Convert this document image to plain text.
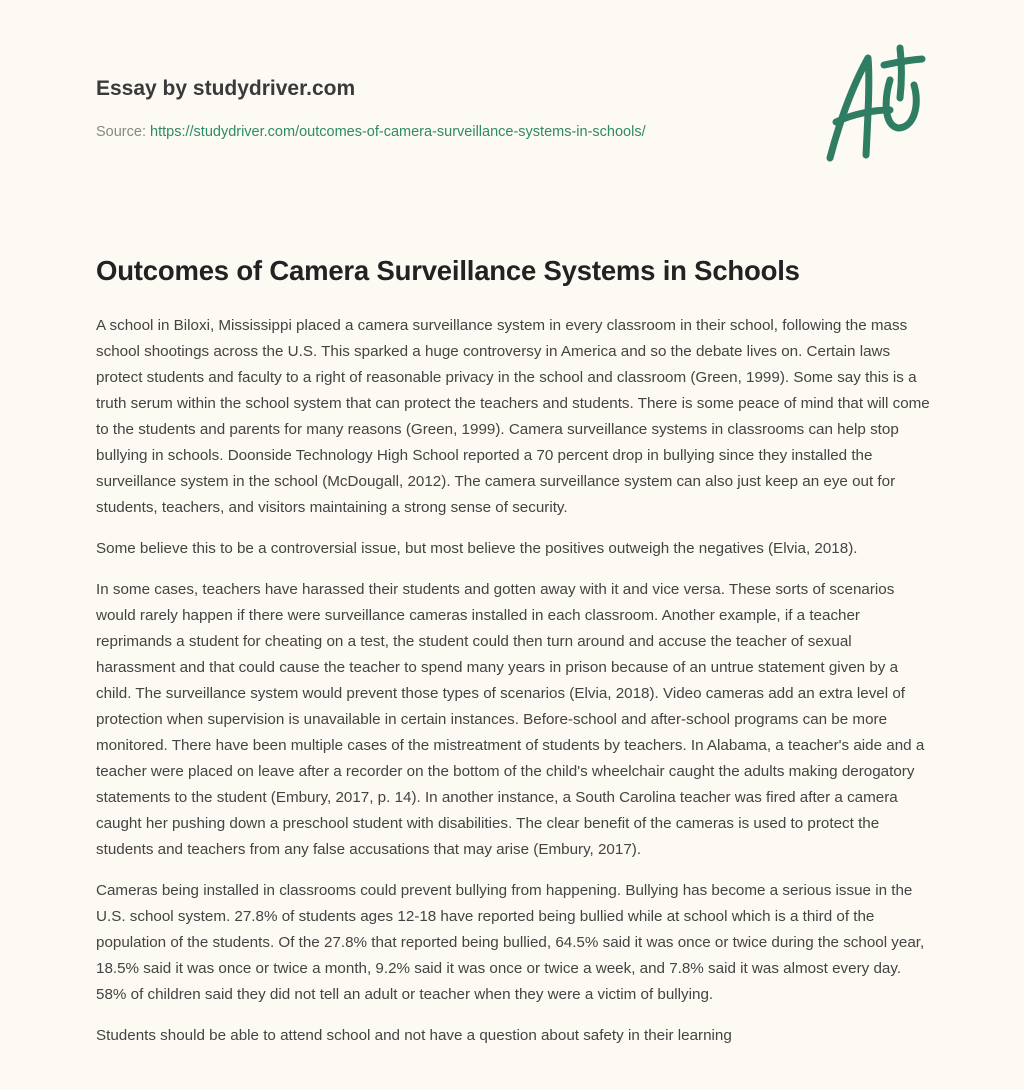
Essay by studydriver.com
Source: https://studydriver.com/outcomes-of-camera-surveillance-systems-in-schools/
Outcomes of Camera Surveillance Systems in Schools

A school in Biloxi, Mississippi placed a camera surveillance system in every classroom in their school, following the mass school shootings across the U.S. This sparked a huge controversy in America and so the debate lives on. Certain laws protect students and faculty to a right of reasonable privacy in the school and classroom (Green, 1999). Some say this is a truth serum within the school system that can protect the teachers and students. There is some peace of mind that will come to the students and parents for many reasons (Green, 1999). Camera surveillance systems in classrooms can help stop bullying in schools. Doonside Technology High School reported a 70 percent drop in bullying since they installed the surveillance system in the school (McDougall, 2012). The camera surveillance system can also just keep an eye out for students, teachers, and visitors maintaining a strong sense of security.

Some believe this to be a controversial issue, but most believe the positives outweigh the negatives (Elvia, 2018).

In some cases, teachers have harassed their students and gotten away with it and vice versa. These sorts of scenarios would rarely happen if there were surveillance cameras installed in each classroom. Another example, if a teacher reprimands a student for cheating on a test, the student could then turn around and accuse the teacher of sexual harassment and that could cause the teacher to spend many years in prison because of an untrue statement given by a child. The surveillance system would prevent those types of scenarios (Elvia, 2018). Video cameras add an extra level of protection when supervision is unavailable in certain instances. Before-school and after-school programs can be more monitored. There have been multiple cases of the mistreatment of students by teachers. In Alabama, a teacher's aide and a teacher were placed on leave after a recorder on the bottom of the child's wheelchair caught the adults making derogatory statements to the student (Embury, 2017, p. 14). In another instance, a South Carolina teacher was fired after a camera caught her pushing down a preschool student with disabilities. The clear benefit of the cameras is used to protect the students and teachers from any false accusations that may arise (Embury, 2017).

Cameras being installed in classrooms could prevent bullying from happening. Bullying has become a serious issue in the U.S. school system. 27.8% of students ages 12-18 have reported being bullied while at school which is a third of the population of the students. Of the 27.8% that reported being bullied, 64.5% said it was once or twice during the school year, 18.5% said it was once or twice a month, 9.2% said it was once or twice a week, and 7.8% said it was almost every day. 58% of children said they did not tell an adult or teacher when they were a victim of bullying.

Students should be able to attend school and not have a question about safety in their learning
